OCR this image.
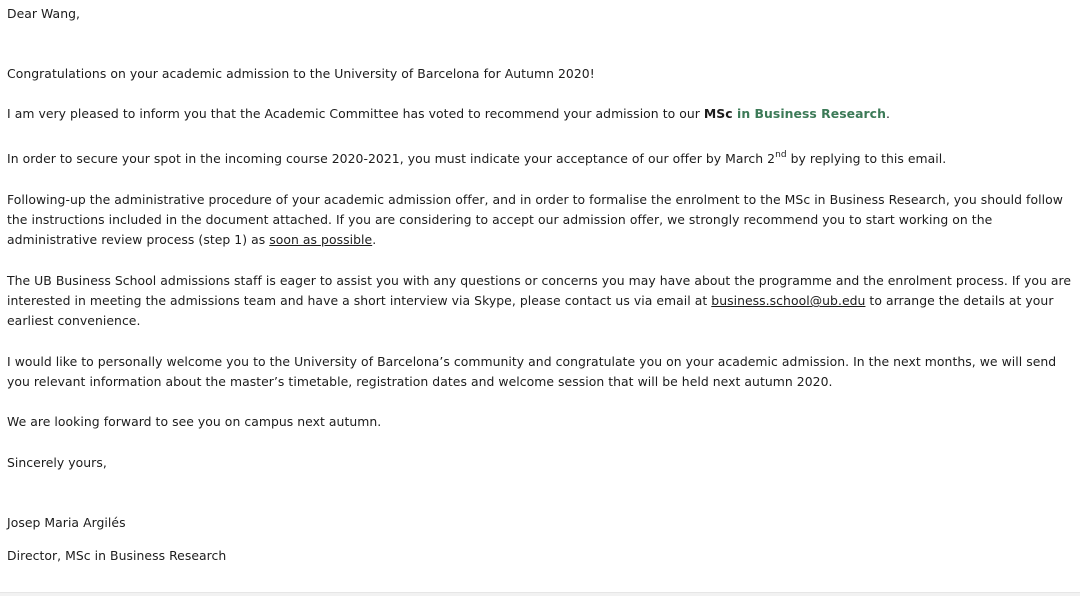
Dear Wang,
Congratulations on your academic admission to the University of Barcelona for Autumn 2020!
I am very pleased to inform you that the Academic Committee has voted to recommend your admission to our MSc in Business Research.
In order to secure your spot in the incoming course 2020-2021, you must indicate your acceptance of our offer by March 2nd by replying to this email.
Following-up the administrative procedure of your academic admission offer, and in order to formalise the enrolment to the MSc in Business Research, you should follow the instructions included in the document attached. If you are considering to accept our admission offer, we strongly recommend you to start working on the administrative review process (step 1) as soon as possible.
The UB Business School admissions staff is eager to assist you with any questions or concerns you may have about the programme and the enrolment process. If you are interested in meeting the admissions team and have a short interview via Skype, please contact us via email at business.school@ub.edu to arrange the details at your earliest convenience.
I would like to personally welcome you to the University of Barcelona’s community and congratulate you on your academic admission. In the next months, we will send you relevant information about the master’s timetable, registration dates and welcome session that will be held next autumn 2020.
We are looking forward to see you on campus next autumn.
Sincerely yours,
Josep Maria Argilés
Director, MSc in Business Research
